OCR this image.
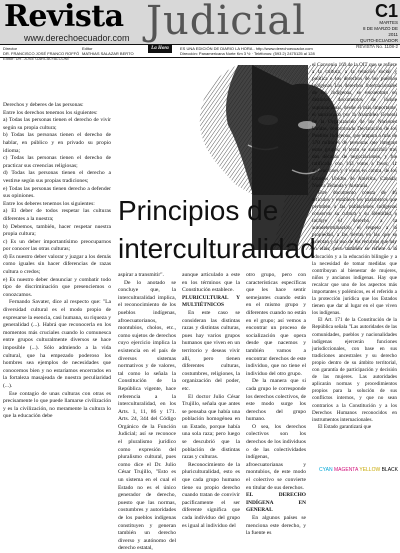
Revista
www.derechoecuador.com Judicial	C1
MARTES
8 DE MARZO DE 2011
QUITO-ECUADOR
REVISTA No. 1108-2
Director
DR. FRANCISCO JOSÉ FRANCO ROFFÓ
Editor
MATHIAS SALAZAR BERTO
ES UNA EDICIÓN DE DIARIO LA HORA - http://www.derechoecuador.com
Dirección: Panamericana Norte Km 3 ½ · Teléfonos: (593 2) 2475125 al 128
La Hora
Editor: DR. JOSÉ GARCÍA FALCONÍ

Derechos y deberes de las personas:

Entre los derechos tenemos los siguientes:

a) Todas las personas tienen el derecho de vivir según su propia cultura;

b) Todas las personas tienen el derecho de hablar, en público y en privado su propio idioma;

c) Todas las personas tienen el derecho de practicar sus creencias religiosas;

d) Todas las personas tienen el derecho a vestirse según sus propias tradiciones;

e) Todas las personas tienen derecho a defender sus opiniones.

Entre los deberes tenemos los siguientes:

a) El deber de todos respetar las culturas diferentes a la nuestra;

b) Debemos, también, hacer respetar nuestra propia cultura;

c) Es un deber importantísimo preocuparnos por conocer las otras culturas;

d) Es nuestro deber valorar y juzgar a los demás como iguales sin hacer diferencias de razas cultura o credos;

e) Es nuestro deber denunciar y combatir todo tipo de discriminación que presenciemos o conozcamos.

Fernando Savater, dice al respecto que: "La diversidad cultural es el modo propio de expresarse la esencia, casi humana, su riqueza y generalidad (...). Habrá que reconocerla en los momentos más cruciales cuando lo comunesca entre grupos culturalmente diversos se hace imposible (...). Sólo admiendo a la vida cultural, que ha empezado poderoso los hombres sea ejemplos de necesidades que conocemos bien y no estaríamos encerrados en la fortaleza masajeada de nuestra peculiaridad (...).

Ese contagio de unas culturas con otras es precisamente lo que puede llamarse civilización y es la civilización, no meramente la cultura lo que la educación debe

Principios de
interculturalidad

aspirar a transmitir".

De lo anotado se concluye que, la interculturalidad implica, el reconocimiento de los pueblos indígenas, afroecuatorianos, montubios, cholos, etc., como sujetos de derechos cuyo ejercicio implica la existencia en el país de diversos sistemas normativos y de valores, tal como lo señala la Constitución de la República vigente, hace referencia a la interculturalidad, en los Arts. 1, 11, 86 y 171. Arts. 24, 344 del Código Orgánico de la Función Judicial; así se reconoce el pluralismo jurídico como expresión del pluralismo cultural, pues como dice el Dr. Julio César Trujillo, "Esto es un sistema en el cual el Estado no es el único generador de derecho, puesto que las normas, costumbres y autoridades de los pueblos indígenas constituyen y generan también un derecho diverso y autónomo del derecho estatal,

aunque articulado a este en los términos que la Constitución establece.

PLURICULTURAL Y MULTIÉTNICOS

En este caso se consideran las distintas razas y distintas culturas, pues hay varios grupos humanos que viven en un territorio y deseas vivir allí, pero tienen diferentes culturas, costumbres, religiones, la organización del poder, etc.

El doctor Julio César Trujillo, señala que antes se pensaba que había una población homogénea en un Estado, porque había una sola raza; pero luego se descubrió que la población de distintas razas y culturas.

Reconocimiento de la pluriculturalidad, esto es que cada grupo humano tiene su propio derecho cuando tratan de convivir pacíficamente el ser diferente significa que cada individuo del grupo es igual al individuo del

otro grupo, pero con características específicas que les hace sentir semejantes cuando están en el mismo grupo y diferentes cuando no están en el grupo; así vemos a encontrar un proceso de socialización que opera desde que nacemos y también vamos a encontrar derechos de este individuo, que no tiene el individuo del otro grupo.

De la manera que si cada grupo le corresponde los derechos colectivos, de este modo surge los derechos del grupo humano.

O sea, los derechos colectivos son los derechos de los individuos o de las colectividades indígenas, afroecuatorianas y montubios, de este modo el colectivo se convierte en titular de sus derechos.

EL DERECHO INDÍGENA EN GENERAL

En algunos países se menciona este derecho, y la fuente es

el Convenio 169 de la OIT que se refiere a la cultura, a la relación social y política e los derechos de los pueblos indígenas Los derechos internacionales de los indígenas, se encuentran en distintos documentos de índole supranacional, desde el más importante, el sancionado por la Asamblea General de la Organización de las Naciones Unidas, denominado Declaración de los Pueblos Indígenas, que ampara a más de 370 millones de personas que integran estos grupos; el texto se suscribió tras dos décadas de negociaciones, y fue ratificado con 143 votos a favor, 11 abstenciones y 4 votos en contra, de los Estados Unidos de América, Canadá, Nueva Zelanda y Australia.

Este documento consta de 46 artículos y establece los parámetros que permiten a las poblaciones indígenas conservar su cultura y su identidad, e incluye el derecho a la autodeterminación, el respeto a la propiedad, a las tierras en las que se asientan y al uso de los recursos que hay en ellas, pero también se refiere a la educación y a la educación bilingüe y a la necesidad de tomar medidas que contribuyan al bienestar de mujeres, niños y ancianos indígenas. Hay que recalcar que uno de los aspectos más importantes y polémicos, es el referido a la protección jurídica que los Estados tienen que dar al lugar en el que viven los indígenas.

El Art. 171 de la Constitución de la República señala "Las autoridades de las comunidades, pueblos y nacionalidades indígenas ejercerán funciones jurisdiccionales, con base en sus tradiciones ancestrales y su derecho propio dentro de su ámbito territorial, con garantía de participación y decisión de las mujeres. Las autoridades aplicarán normas y procedimientos propios para la solución de sus conflictos internos, y que no sean contrarios a la Constitución y a los Derechos Humanos reconocidos en instrumentos internacionales.

El Estado garantizará que

CYAN MAGENTA YELLOW BLACK
